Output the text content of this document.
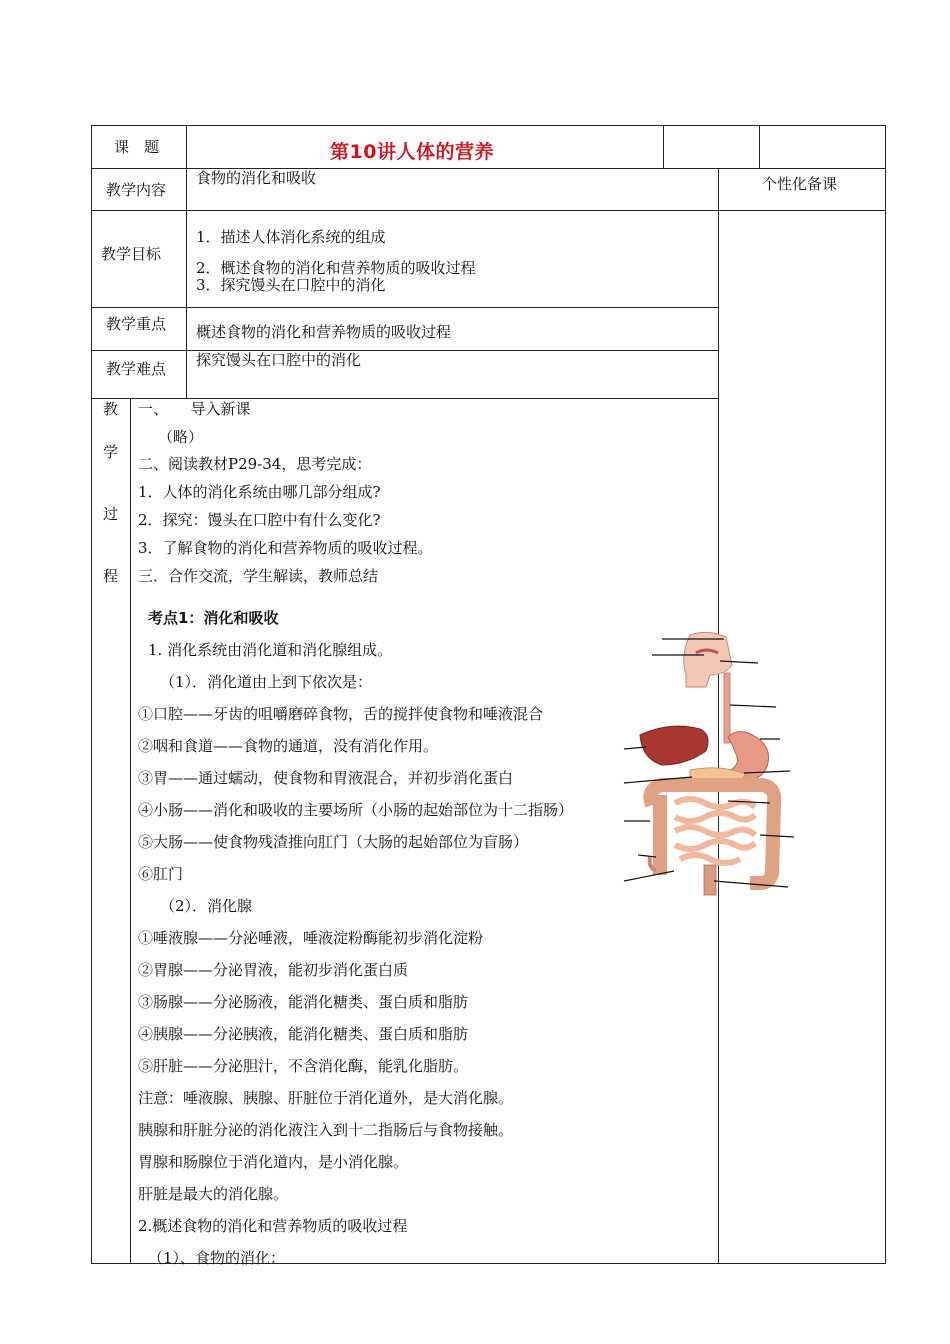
课　题	第10讲人体的营养
教学内容
食物的消化和吸收	个性化备课
教学目标
1．描述人体消化系统的组成
2．概述食物的消化和营养物质的吸收过程
3．探究馒头在口腔中的消化
教学重点 概述食物的消化和营养物质的吸收过程
教学难点 探究馒头在口腔中的消化
教
学
过
程
一、　　导入新课
（略）
二、阅读教材P29-34，思考完成：
1．人体的消化系统由哪几部分组成?
2．探究：馒头在口腔中有什么变化?
3．了解食物的消化和营养物质的吸收过程。
三．合作交流，学生解读，教师总结
考点1：消化和吸收
1. 消化系统由消化道和消化腺组成。
（1）．消化道由上到下依次是：
①口腔——牙齿的咀嚼磨碎食物，舌的搅拌使食物和唾液混合
②咽和食道——食物的通道，没有消化作用。
③胃——通过蠕动，使食物和胃液混合，并初步消化蛋白
④小肠——消化和吸收的主要场所（小肠的起始部位为十二指肠）
⑤大肠——使食物残渣推向肛门（大肠的起始部位为盲肠）
⑥肛门
（2）．消化腺
①唾液腺——分泌唾液，唾液淀粉酶能初步消化淀粉
②胃腺——分泌胃液，能初步消化蛋白质
③肠腺——分泌肠液，能消化糖类、蛋白质和脂肪
④胰腺——分泌胰液，能消化糖类、蛋白质和脂肪
⑤肝脏——分泌胆汁，不含消化酶，能乳化脂肪。
注意：唾液腺、胰腺、肝脏位于消化道外，是大消化腺。
胰腺和肝脏分泌的消化液注入到十二指肠后与食物接触。
胃腺和肠腺位于消化道内，是小消化腺。
肝脏是最大的消化腺。
2.概述食物的消化和营养物质的吸收过程
（1）、食物的消化：
